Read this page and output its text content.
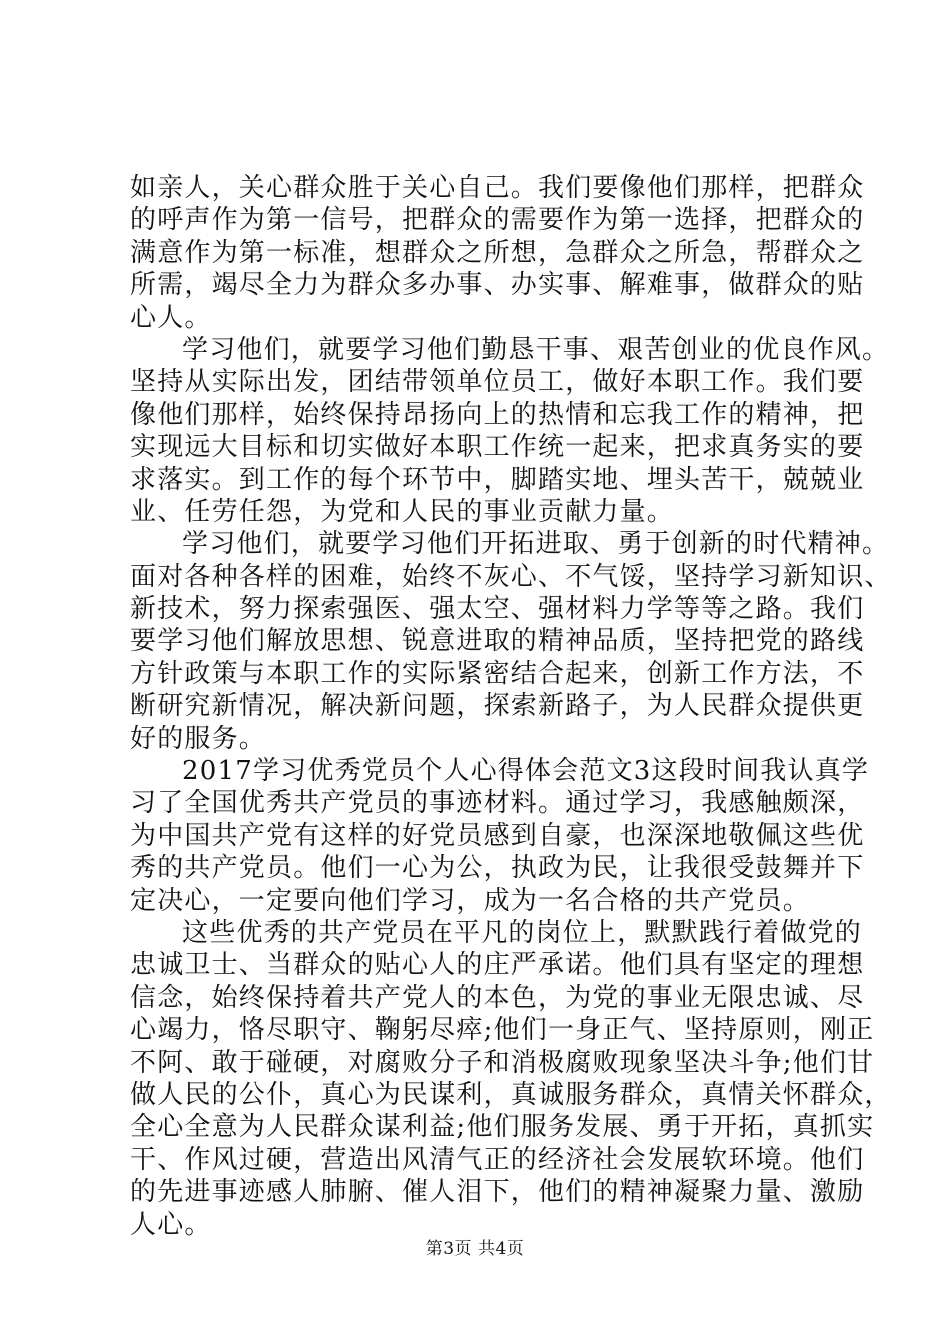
如亲人，关心群众胜于关心自己。我们要像他们那样，把群众
的呼声作为第一信号，把群众的需要作为第一选择，把群众的
满意作为第一标准，想群众之所想，急群众之所急，帮群众之
所需，竭尽全力为群众多办事、办实事、解难事，做群众的贴
心人。
学习他们，就要学习他们勤恳干事、艰苦创业的优良作风。
坚持从实际出发，团结带领单位员工，做好本职工作。我们要
像他们那样，始终保持昂扬向上的热情和忘我工作的精神，把
实现远大目标和切实做好本职工作统一起来，把求真务实的要
求落实。到工作的每个环节中，脚踏实地、埋头苦干，兢兢业
业、任劳任怨，为党和人民的事业贡献力量。
学习他们，就要学习他们开拓进取、勇于创新的时代精神。
面对各种各样的困难，始终不灰心、不气馁，坚持学习新知识、
新技术，努力探索强医、强太空、强材料力学等等之路。我们
要学习他们解放思想、锐意进取的精神品质，坚持把党的路线
方针政策与本职工作的实际紧密结合起来，创新工作方法，不
断研究新情况，解决新问题，探索新路子，为人民群众提供更
好的服务。
2017学习优秀党员个人心得体会范文3这段时间我认真学
习了全国优秀共产党员的事迹材料。通过学习，我感触颇深，
为中国共产党有这样的好党员感到自豪，也深深地敬佩这些优
秀的共产党员。他们一心为公，执政为民，让我很受鼓舞并下
定决心，一定要向他们学习，成为一名合格的共产党员。
这些优秀的共产党员在平凡的岗位上，默默践行着做党的
忠诚卫士、当群众的贴心人的庄严承诺。他们具有坚定的理想
信念，始终保持着共产党人的本色，为党的事业无限忠诚、尽
心竭力，恪尽职守、鞠躬尽瘁;他们一身正气、坚持原则，刚正
不阿、敢于碰硬，对腐败分子和消极腐败现象坚决斗争;他们甘
做人民的公仆，真心为民谋利，真诚服务群众，真情关怀群众，
全心全意为人民群众谋利益;他们服务发展、勇于开拓，真抓实
干、作风过硬，营造出风清气正的经济社会发展软环境。他们
的先进事迹感人肺腑、催人泪下，他们的精神凝聚力量、激励
人心。
第3页 共4页
